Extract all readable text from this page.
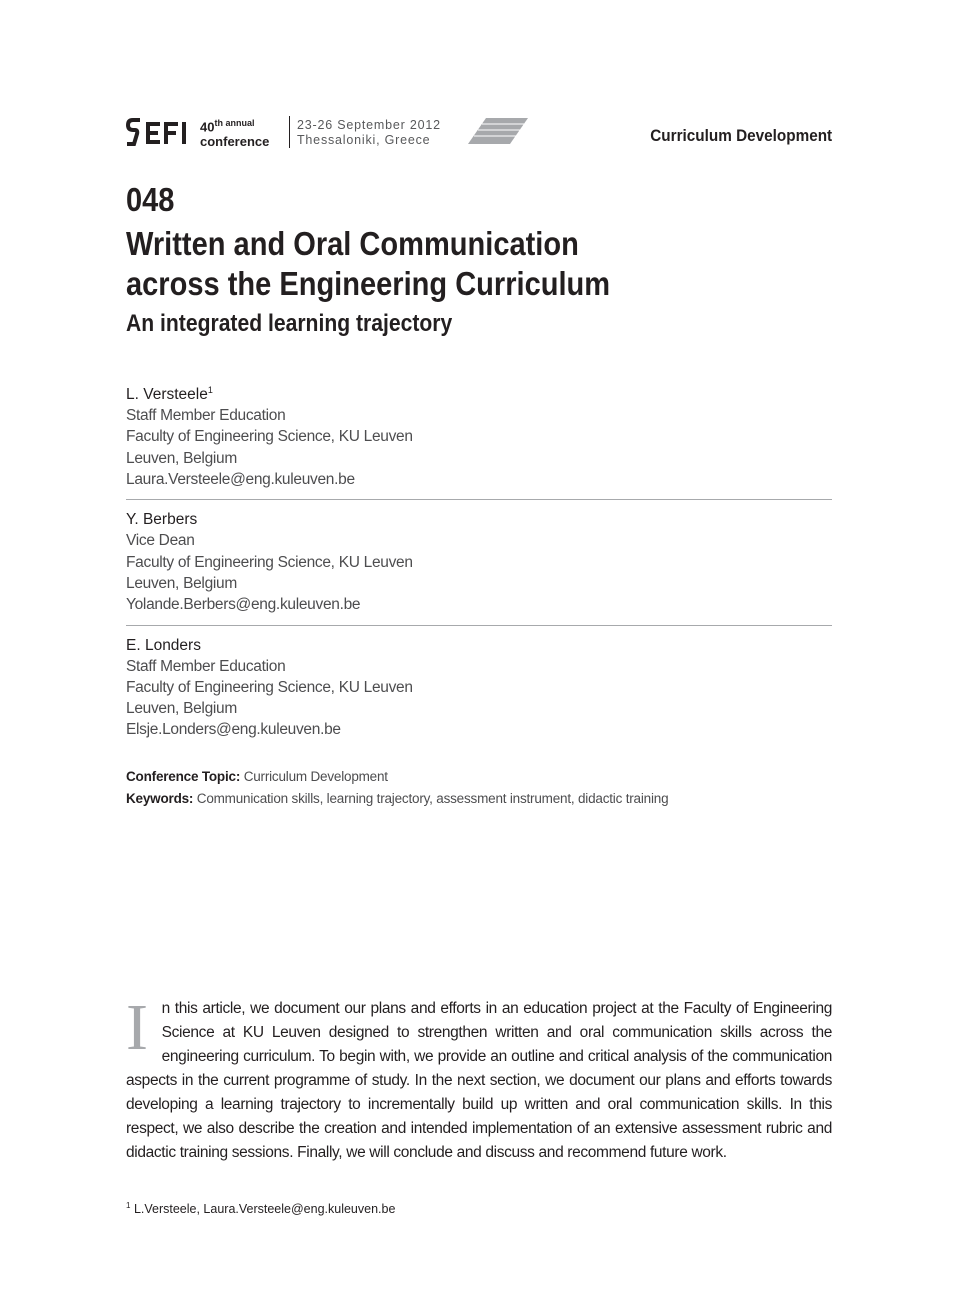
$40^{th annual}$
conference
23-26 September 2012
Thessaloniki, Greece	Curriculum Development
048
Written and Oral Communication across the Engineering Curriculum
An integrated learning trajectory
L. Versteele$^1$
Staff Member Education
Faculty of Engineering Science, KU Leuven
Leuven, Belgium
Laura.Versteele@eng.kuleuven.be
Y. Berbers
Vice Dean
Faculty of Engineering Science, KU Leuven
Leuven, Belgium
Yolande.Berbers@eng.kuleuven.be
E. Londers
Staff Member Education
Faculty of Engineering Science, KU Leuven
Leuven, Belgium
Elsje.Londers@eng.kuleuven.be
Conference Topic: Curriculum Development
Keywords: Communication skills, learning trajectory, assessment instrument, didactic training
In this article, we document our plans and efforts in an education project at the Faculty of Engineering Science at KU Leuven designed to strengthen written and oral communication skills across the engineering curriculum. To begin with, we provide an outline and critical analysis of the communication aspects in the current programme of study. In the next section, we document our plans and efforts towards developing a learning trajectory to incrementally build up written and oral communication skills. In this respect, we also describe the creation and intended implementation of an extensive assessment rubric and didactic training sessions. Finally, we will conclude and discuss and recommend future work.
$^1$ L.Versteele, Laura.Versteele@eng.kuleuven.be
